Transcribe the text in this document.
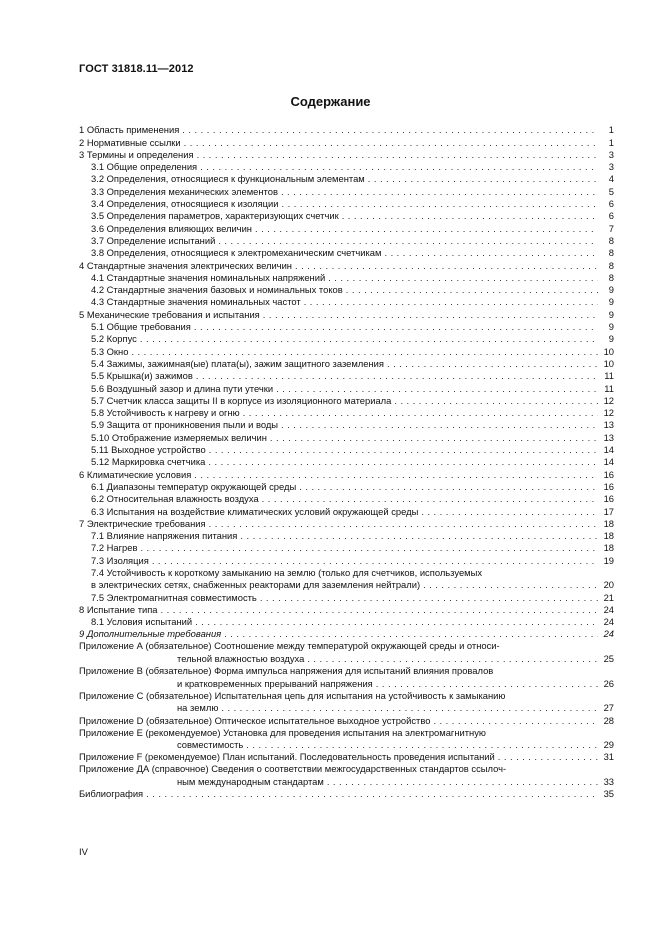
ГОСТ 31818.11—2012
Содержание
1 Область применения . . .	1
2 Нормативные ссылки . . .	1
3 Термины и определения . . .	3
3.1 Общие определения . . .	3
3.2 Определения, относящиеся к функциональным элементам . . .	4
3.3 Определения механических элементов . . .	5
3.4 Определения, относящиеся к изоляции . . .	6
3.5 Определения параметров, характеризующих счетчик . . .	6
3.6 Определения влияющих величин . . .	7
3.7 Определение испытаний . . .	8
3.8 Определения, относящиеся к электромеханическим счетчикам . . .	8
4 Стандартные значения электрических величин . . .	8
4.1 Стандартные значения номинальных напряжений . . .	8
4.2 Стандартные значения базовых и номинальных токов . . .	9
4.3 Стандартные значения номинальных частот . . .	9
5 Механические требования и испытания . . .	9
5.1 Общие требования . . .	9
5.2 Корпус . . .	9
5.3 Окно . . .	10
5.4 Зажимы, зажимная(ые) плата(ы), зажим защитного заземления . . .	10
5.5 Крышка(и) зажимов . . .	11
5.6 Воздушный зазор и длина пути утечки . . .	11
5.7 Счетчик класса защиты II в корпусе из изоляционного материала . . .	12
5.8 Устойчивость к нагреву и огню . . .	12
5.9 Защита от проникновения пыли и воды . . .	13
5.10 Отображение измеряемых величин . . .	13
5.11 Выходное устройство . . .	14
5.12 Маркировка счетчика . . .	14
6 Климатические условия . . .	16
6.1 Диапазоны температур окружающей среды . . .	16
6.2 Относительная влажность воздуха . . .	16
6.3 Испытания на воздействие климатических условий окружающей среды . . .	17
7 Электрические требования . . .	18
7.1 Влияние напряжения питания . . .	18
7.2 Нагрев . . .	18
7.3 Изоляция . . .	19
7.4 Устойчивость к короткому замыканию на землю (только для счетчиков, используемых
в электрических сетях, снабженных реакторами для заземления нейтрали) . . .	20
7.5 Электромагнитная совместимость . . .	21
8 Испытание типа . . .	24
8.1 Условия испытаний . . .	24
9 Дополнительные требования . . .	24
Приложение А (обязательное) Соотношение между температурой окружающей среды и относи-
тельной влажностью воздуха . . .	25
Приложение В (обязательное) Форма импульса напряжения для испытаний влияния провалов
и кратковременных прерываний напряжения . . .	26
Приложение С (обязательное) Испытательная цепь для испытания на устойчивость к замыканию
на землю . . .	27
Приложение D (обязательное) Оптическое испытательное выходное устройство . . .	28
Приложение Е (рекомендуемое) Установка для проведения испытания на электромагнитную
совместимость . . .	29
Приложение F (рекомендуемое) План испытаний. Последовательность проведения испытаний . . .	31
Приложение ДА (справочное) Сведения о соответствии межгосударственных стандартов ссылоч-
ным международным стандартам . . .	33
Библиография . . .	35
IV
